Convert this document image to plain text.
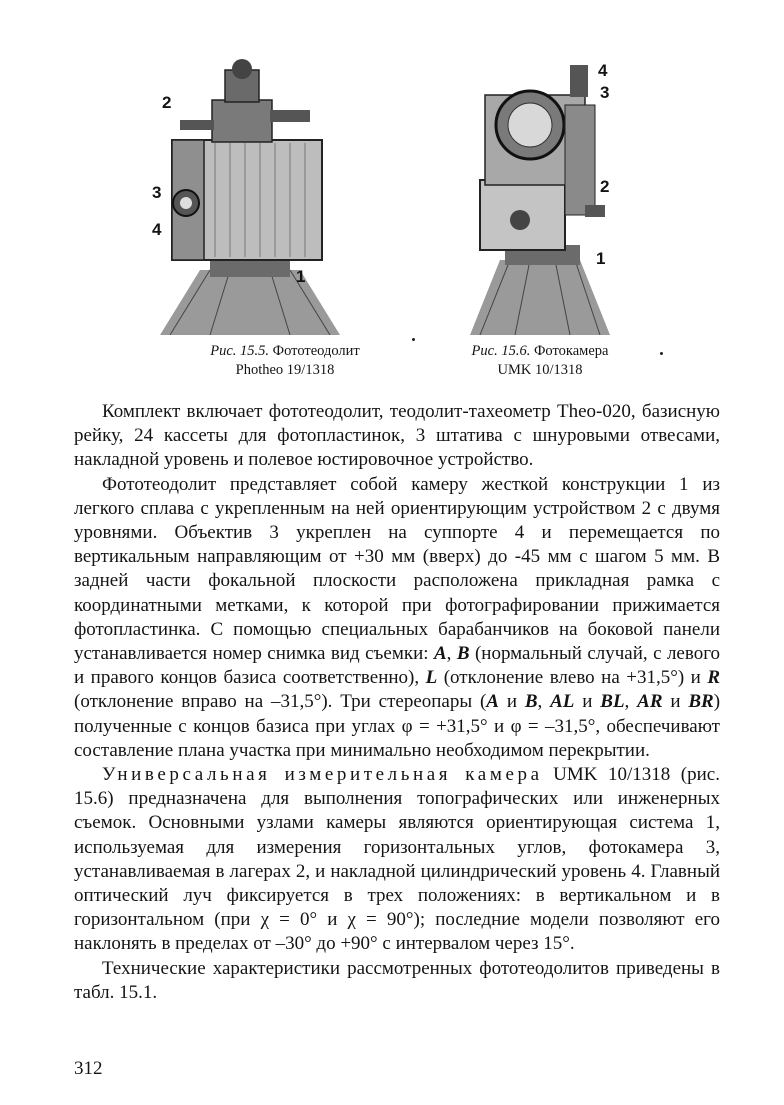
2
3
4
1
Рис. 15.5. Фототеодолит
Photheo 19/1318
4
3
2
1
Рис. 15.6. Фотокамера
UMK 10/1318

Комплект включает фототеодолит, теодолит-тахеометр Theo-020, базисную рейку, 24 кассеты для фотопластинок, 3 штатива с шнуровыми отвесами, накладной уровень и полевое юстировочное устройство.

Фототеодолит представляет собой камеру жесткой конструкции 1 из легкого сплава с укрепленным на ней ориентирующим устройством 2 с двумя уровнями. Объектив 3 укреплен на суппорте 4 и перемещается по вертикальным направляющим от +30 мм (вверх) до -45 мм с шагом 5 мм. В задней части фокальной плоскости расположена прикладная рамка с координатными метками, к которой при фотографировании прижимается фотопластинка. С помощью специальных барабанчиков на боковой панели устанавливается номер снимка вид съемки: A, B (нормальный случай, с левого и правого концов базиса соответственно), L (отклонение влево на +31,5°) и R (отклонение вправо на –31,5°). Три стереопары (A и B, AL и BL, AR и BR) полученные с концов базиса при углах φ = +31,5° и φ = –31,5°, обеспечивают составление плана участка при минимально необходимом перекрытии.

Универсальная измерительная камера UMK 10/1318 (рис. 15.6) предназначена для выполнения топографических или инженерных съемок. Основными узлами камеры являются ориентирующая система 1, используемая для измерения горизонтальных углов, фотокамера 3, устанавливаемая в лагерах 2, и накладной цилиндрический уровень 4. Главный оптический луч фиксируется в трех положениях: в вертикальном и в горизонтальном (при χ = 0° и χ = 90°); последние модели позволяют его наклонять в пределах от –30° до +90° с интервалом через 15°.

Технические характеристики рассмотренных фототеодолитов приведены в табл. 15.1.

312
